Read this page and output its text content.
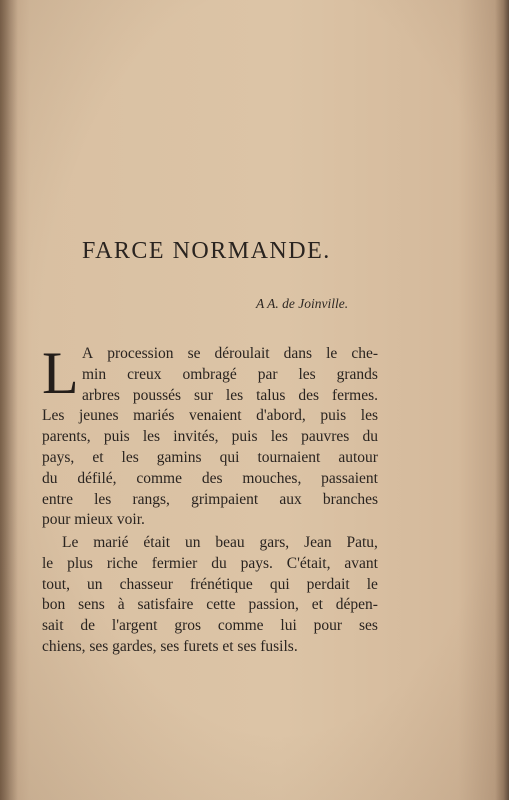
FARCE NORMANDE.
A A. de Joinville.
L A procession se déroulait dans le che-
min creux ombragé par les grands
arbres poussés sur les talus des fermes.
Les jeunes mariés venaient d'abord, puis les
parents, puis les invités, puis les pauvres du
pays, et les gamins qui tournaient autour
du défilé, comme des mouches, passaient
entre les rangs, grimpaient aux branches
pour mieux voir.
Le marié était un beau gars, Jean Patu,
le plus riche fermier du pays. C'était, avant
tout, un chasseur frénétique qui perdait le
bon sens à satisfaire cette passion, et dépen-
sait de l'argent gros comme lui pour ses
chiens, ses gardes, ses furets et ses fusils.
